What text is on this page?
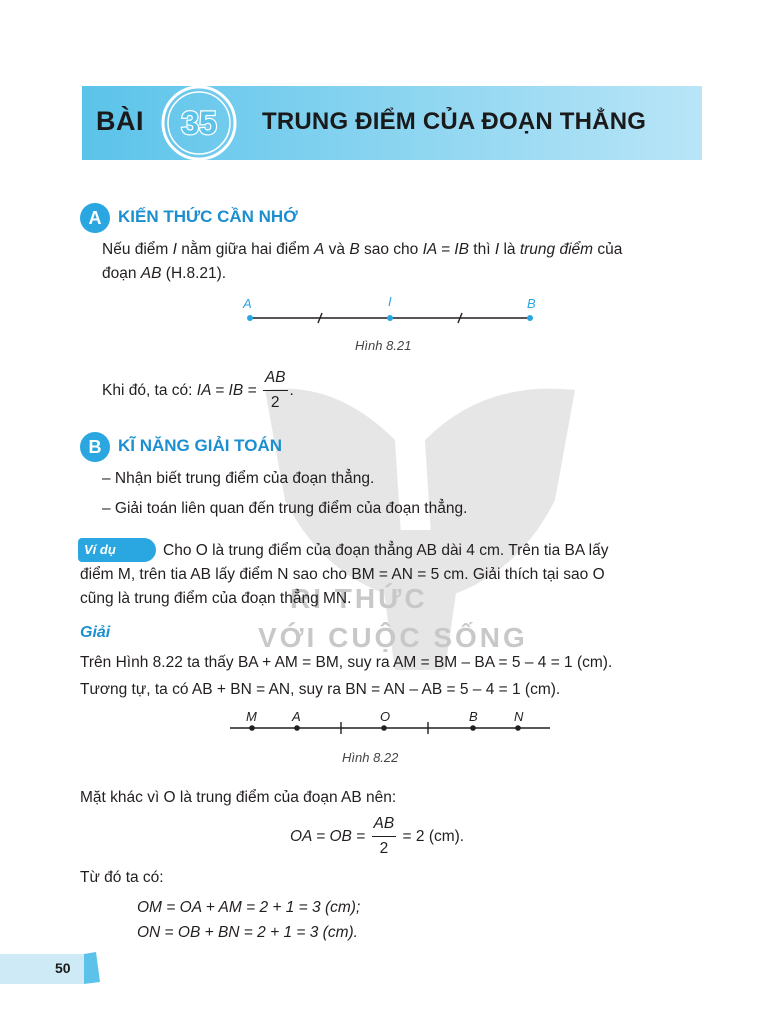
RI THỨC
VỚI CUỘC SỐNG
BÀI 35 TRUNG ĐIỂM CỦA ĐOẠN THẲNG
A KIẾN THỨC CẦN NHỚ
Nếu điểm I nằm giữa hai điểm A và B sao cho IA = IB thì I là trung điểm của
đoạn AB (H.8.21).
A	I	B
Hình 8.21
Khi đó, ta có: IA = IB = $\frac{AB}{2}$ .
B KĨ NĂNG GIẢI TOÁN
– Nhận biết trung điểm của đoạn thẳng.
– Giải toán liên quan đến trung điểm của đoạn thẳng.
Ví dụ	Cho O là trung điểm của đoạn thẳng AB dài 4 cm. Trên tia BA lấy
điểm M, trên tia AB lấy điểm N sao cho BM = AN = 5 cm. Giải thích tại sao O
cũng là trung điểm của đoạn thẳng MN.
Giải
Trên Hình 8.22 ta thấy BA + AM = BM, suy ra AM = BM – BA = 5 – 4 = 1 (cm).
Tương tự, ta có AB + BN = AN, suy ra BN = AN – AB = 5 – 4 = 1 (cm).
M	A	O	B	N
Hình 8.22
Mặt khác vì O là trung điểm của đoạn AB nên:
OA = OB = $\frac{AB}{2} = 2$ (cm).
Từ đó ta có:
OM = OA + AM = 2 + 1 = 3 (cm);
ON = OB + BN = 2 + 1 = 3 (cm).
50
